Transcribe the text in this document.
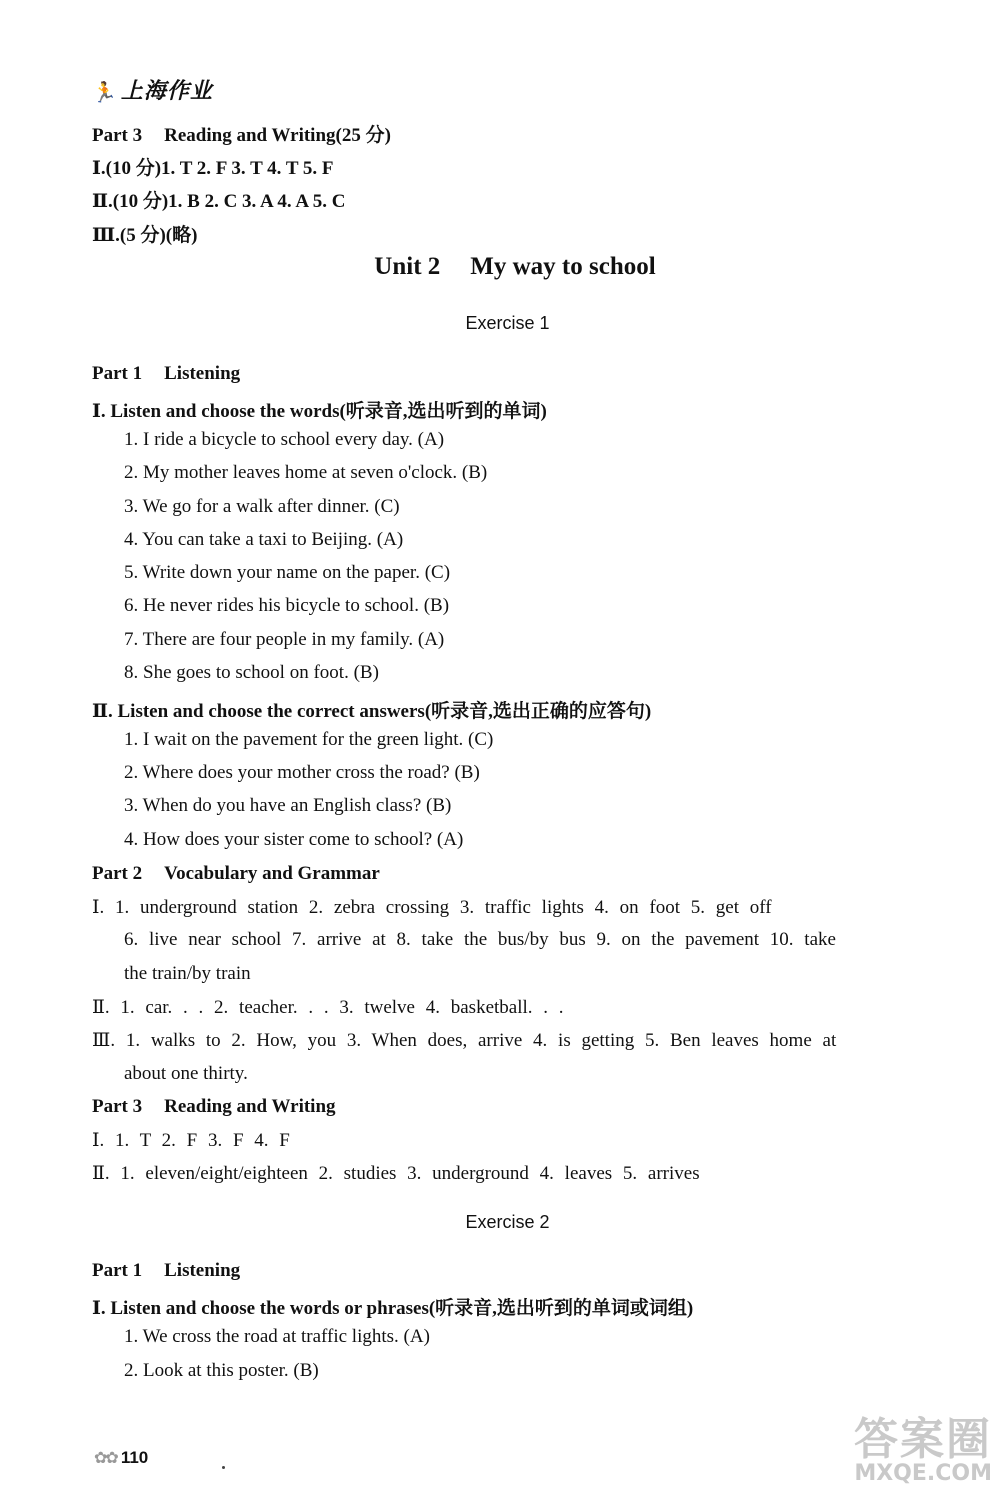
🏃 上海作业
Part 3 Reading and Writing(25 分)
Ⅰ.(10 分)1. T 2. F 3. T 4. T 5. F
Ⅱ.(10 分)1. B 2. C 3. A 4. A 5. C
Ⅲ.(5 分)(略)
Unit 2 My way to school
Exercise 1
Part 1 Listening
Ⅰ. Listen and choose the words(听录音,选出听到的单词)
1. I ride a bicycle to school every day. (A)
2. My mother leaves home at seven o'clock. (B)
3. We go for a walk after dinner. (C)
4. You can take a taxi to Beijing. (A)
5. Write down your name on the paper. (C)
6. He never rides his bicycle to school. (B)
7. There are four people in my family. (A)
8. She goes to school on foot. (B)
Ⅱ. Listen and choose the correct answers(听录音,选出正确的应答句)
1. I wait on the pavement for the green light. (C)
2. Where does your mother cross the road? (B)
3. When do you have an English class? (B)
4. How does your sister come to school? (A)
Part 2 Vocabulary and Grammar
Ⅰ. 1. underground station 2. zebra crossing 3. traffic lights 4. on foot 5. get off
6. live near school 7. arrive at 8. take the bus/by bus 9. on the pavement 10. take
the train/by train
Ⅱ. 1. car. . . 2. teacher. . . 3. twelve 4. basketball. . .
Ⅲ. 1. walks to 2. How, you 3. When does, arrive 4. is getting 5. Ben leaves home at
about one thirty.
Part 3 Reading and Writing
Ⅰ. 1. T 2. F 3. F 4. F
Ⅱ. 1. eleven/eight/eighteen 2. studies 3. underground 4. leaves 5. arrives
Exercise 2
Part 1 Listening
Ⅰ. Listen and choose the words or phrases(听录音,选出听到的单词或词组)
1. We cross the road at traffic lights. (A)
2. Look at this poster. (B)
✿✿ 110	答案圈
MXQE.COM
